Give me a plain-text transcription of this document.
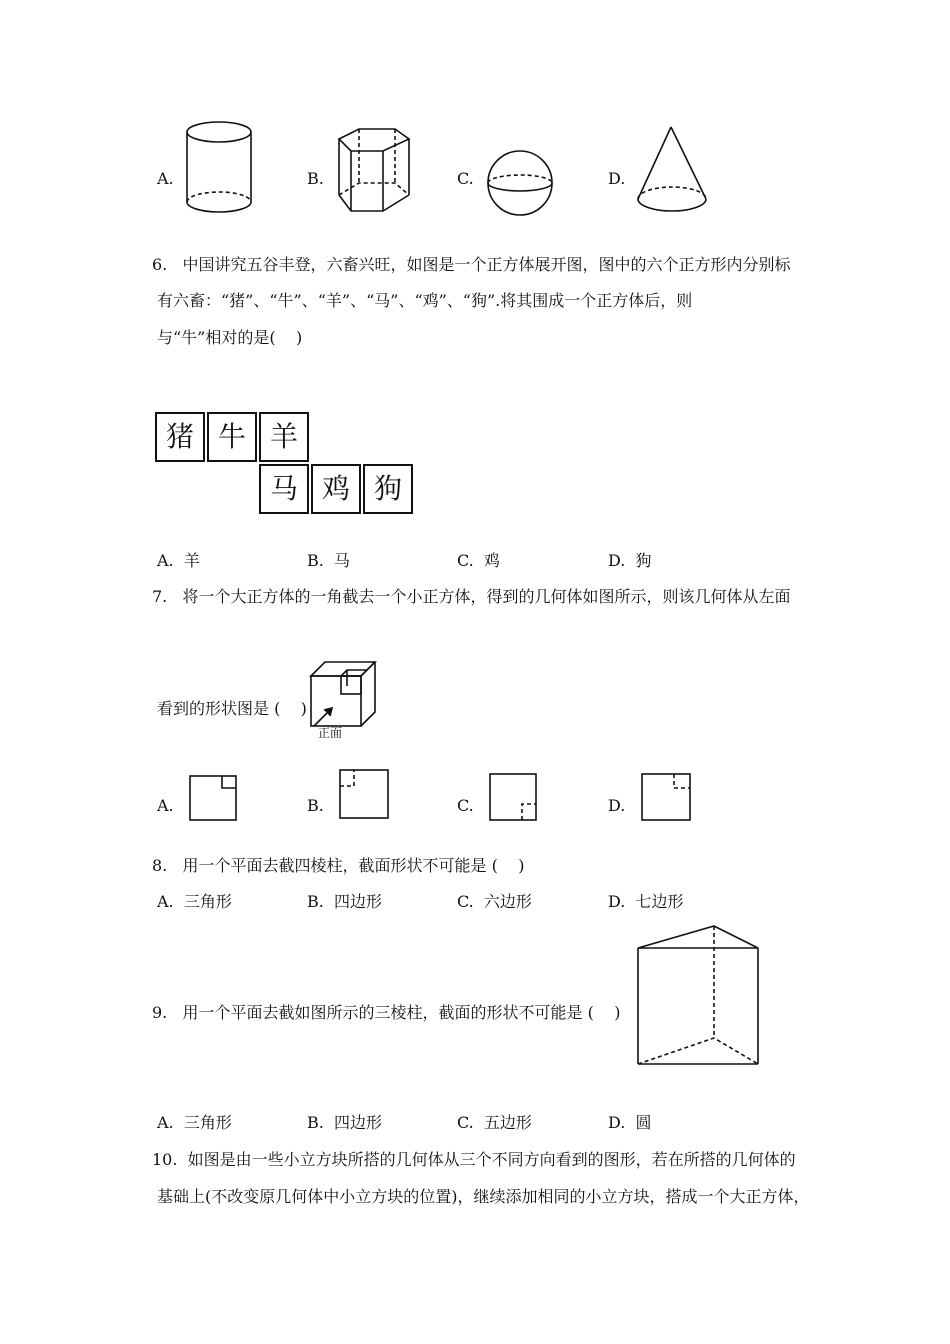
A.	B.	C.	D.
6.   中国讲究五谷丰登，六畜兴旺，如图是一个正方体展开图，图中的六个正方形内分别标
有六畜：“猪”、“牛”、“羊”、“马”、“鸡”、“狗”.将其围成一个正方体后，则
与“牛”相对的是(    )
猪 牛 羊
马 鸡 狗
A.  羊	B.  马	C.  鸡	D.  狗
7.   将一个大正方体的一角截去一个小正方体，得到的几何体如图所示，则该几何体从左面
看到的形状图是 (    )
正面
A.	B.	C.	D.
8.   用一个平面去截四棱柱，截面形状不可能是 (    )
A.  三角形	B.  四边形	C.  六边形	D.  七边形
9.   用一个平面去截如图所示的三棱柱，截面的形状不可能是 (    )
A.  三角形	B.  四边形	C.  五边形	D.  圆
10.  如图是由一些小立方块所搭的几何体从三个不同方向看到的图形，若在所搭的几何体的
基础上(不改变原几何体中小立方块的位置)，继续添加相同的小立方块，搭成一个大正方体，
